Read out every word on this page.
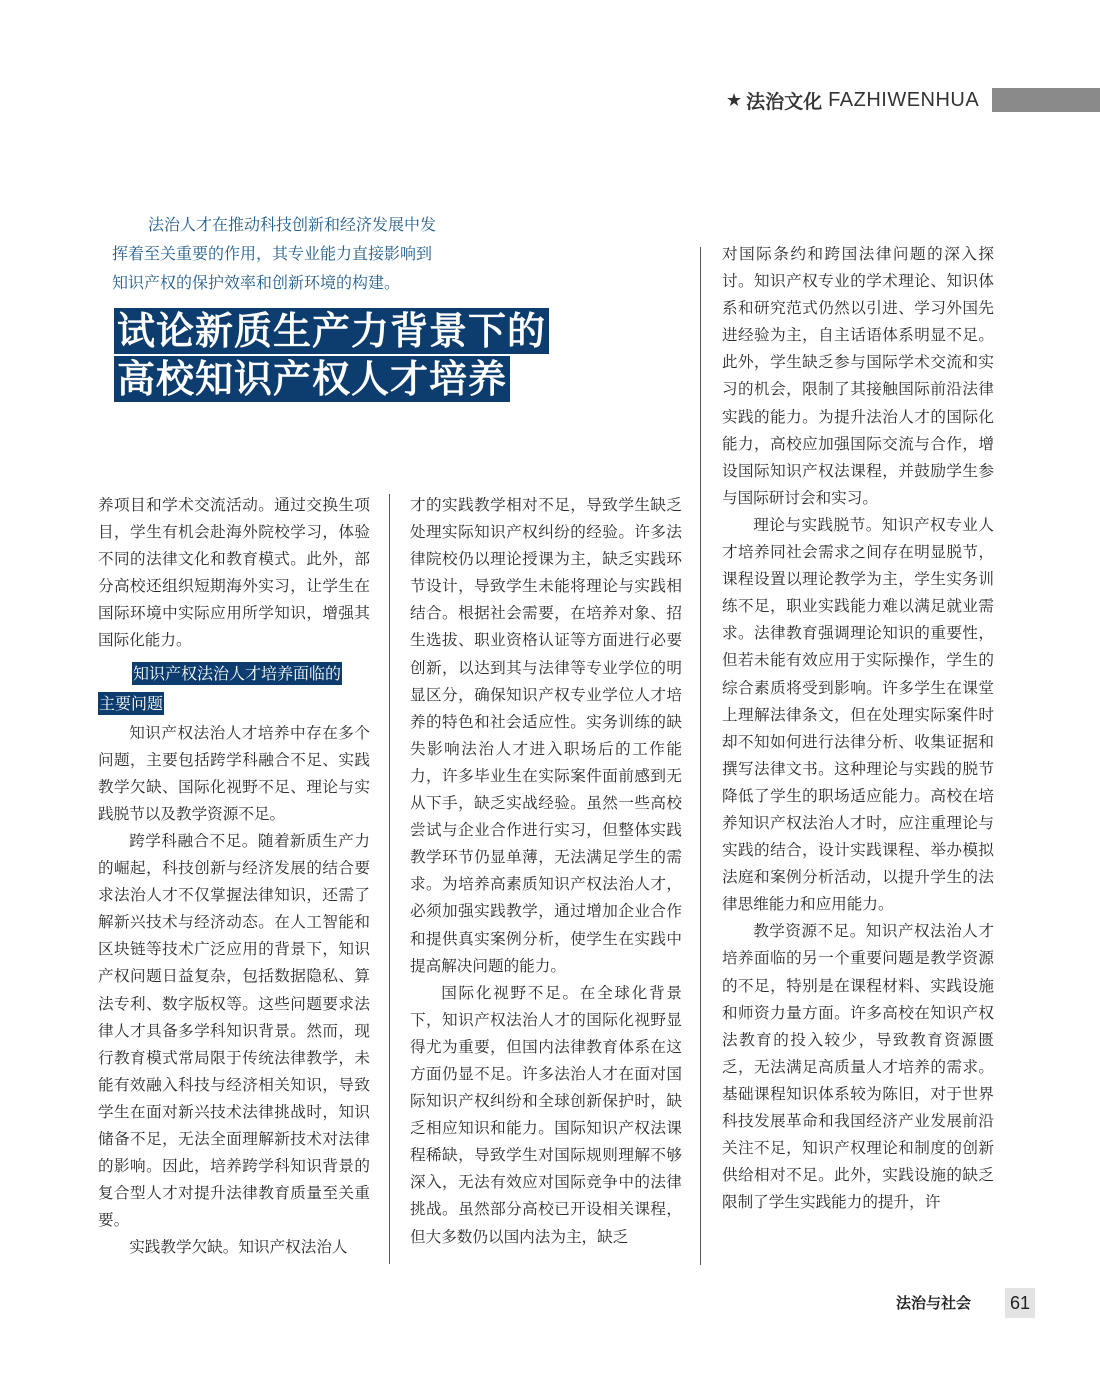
★ 法治文化 FAZHIWENHUA

法治人才在推动科技创新和经济发展中发
挥着至关重要的作用，其专业能力直接影响到
知识产权的保护效率和创新环境的构建。

试论新质生产力背景下的
高校知识产权人才培养

养项目和学术交流活动。通过交换生项目，学生有机会赴海外院校学习，体验不同的法律文化和教育模式。此外，部分高校还组织短期海外实习，让学生在国际环境中实际应用所学知识，增强其国际化能力。

知识产权法治人才培养面临的
主要问题

知识产权法治人才培养中存在多个问题，主要包括跨学科融合不足、实践教学欠缺、国际化视野不足、理论与实践脱节以及教学资源不足。

跨学科融合不足。随着新质生产力的崛起，科技创新与经济发展的结合要求法治人才不仅掌握法律知识，还需了解新兴技术与经济动态。在人工智能和区块链等技术广泛应用的背景下，知识产权问题日益复杂，包括数据隐私、算法专利、数字版权等。这些问题要求法律人才具备多学科知识背景。然而，现行教育模式常局限于传统法律教学，未能有效融入科技与经济相关知识，导致学生在面对新兴技术法律挑战时，知识储备不足，无法全面理解新技术对法律的影响。因此，培养跨学科知识背景的复合型人才对提升法律教育质量至关重要。

实践教学欠缺。知识产权法治人

才的实践教学相对不足，导致学生缺乏处理实际知识产权纠纷的经验。许多法律院校仍以理论授课为主，缺乏实践环节设计，导致学生未能将理论与实践相结合。根据社会需要，在培养对象、招生选拔、职业资格认证等方面进行必要创新，以达到其与法律等专业学位的明显区分，确保知识产权专业学位人才培养的特色和社会适应性。实务训练的缺失影响法治人才进入职场后的工作能力，许多毕业生在实际案件面前感到无从下手，缺乏实战经验。虽然一些高校尝试与企业合作进行实习，但整体实践教学环节仍显单薄，无法满足学生的需求。为培养高素质知识产权法治人才，必须加强实践教学，通过增加企业合作和提供真实案例分析，使学生在实践中提高解决问题的能力。

国际化视野不足。在全球化背景下，知识产权法治人才的国际化视野显得尤为重要，但国内法律教育体系在这方面仍显不足。许多法治人才在面对国际知识产权纠纷和全球创新保护时，缺乏相应知识和能力。国际知识产权法课程稀缺，导致学生对国际规则理解不够深入，无法有效应对国际竞争中的法律挑战。虽然部分高校已开设相关课程，但大多数仍以国内法为主，缺乏

对国际条约和跨国法律问题的深入探讨。知识产权专业的学术理论、知识体系和研究范式仍然以引进、学习外国先进经验为主，自主话语体系明显不足。此外，学生缺乏参与国际学术交流和实习的机会，限制了其接触国际前沿法律实践的能力。为提升法治人才的国际化能力，高校应加强国际交流与合作，增设国际知识产权法课程，并鼓励学生参与国际研讨会和实习。

理论与实践脱节。知识产权专业人才培养同社会需求之间存在明显脱节，课程设置以理论教学为主，学生实务训练不足，职业实践能力难以满足就业需求。法律教育强调理论知识的重要性，但若未能有效应用于实际操作，学生的综合素质将受到影响。许多学生在课堂上理解法律条文，但在处理实际案件时却不知如何进行法律分析、收集证据和撰写法律文书。这种理论与实践的脱节降低了学生的职场适应能力。高校在培养知识产权法治人才时，应注重理论与实践的结合，设计实践课程、举办模拟法庭和案例分析活动，以提升学生的法律思维能力和应用能力。

教学资源不足。知识产权法治人才培养面临的另一个重要问题是教学资源的不足，特别是在课程材料、实践设施和师资力量方面。许多高校在知识产权法教育的投入较少，导致教育资源匮乏，无法满足高质量人才培养的需求。基础课程知识体系较为陈旧，对于世界科技发展革命和我国经济产业发展前沿关注不足，知识产权理论和制度的创新供给相对不足。此外，实践设施的缺乏限制了学生实践能力的提升，许

法治与社会 61
